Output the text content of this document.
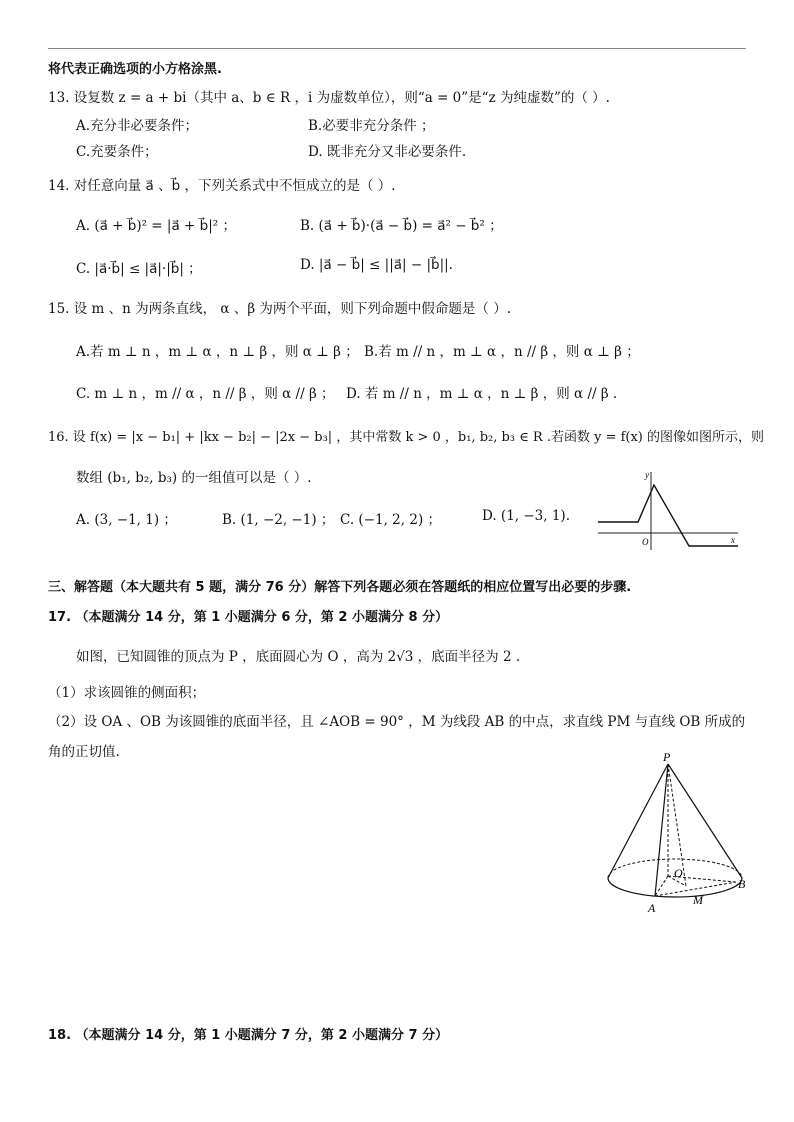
将代表正确选项的小方格涂黑.
13. 设复数 z = a + bi（其中 a、b ∈ R ，i 为虚数单位），则“a = 0”是“z 为纯虚数”的（ ）.
A.充分非必要条件；	B.必要非充分条件 ；
C.充要条件；	D. 既非充分又非必要条件.
14. 对任意向量 a⃗ 、b⃗ ，下列关系式中不恒成立的是（ ）.
A. (a⃗ + b⃗)² = |a⃗ + b⃗|² ；	B. (a⃗ + b⃗)·(a⃗ − b⃗) = a⃗² − b⃗² ；
C. |a⃗·b⃗| ≤ |a⃗|·|b⃗| ；	D. |a⃗ − b⃗| ≤ ||a⃗| − |b⃗||.
15. 设 m 、n 为两条直线， α 、β 为两个平面，则下列命题中假命题是（ ）.
A.若 m ⊥ n ，m ⊥ α ，n ⊥ β ，则 α ⊥ β ； B.若 m // n ，m ⊥ α ，n // β ，则 α ⊥ β ；
C. m ⊥ n ，m // α ，n // β ，则 α // β ； D. 若 m // n ，m ⊥ α ，n ⊥ β ，则 α // β .
16. 设 f(x) = |x − b₁| + |kx − b₂| − |2x − b₃| ，其中常数 k > 0 ，b₁, b₂, b₃ ∈ R .若函数 y = f(x) 的图像如图所示，则
数组 (b₁, b₂, b₃) 的一组值可以是（ ）.
A. (3, −1, 1) ；	B. (1, −2, −1) ； C. (−1, 2, 2) ；	D. (1, −3, 1).
y
x
O
三、解答题（本大题共有 5 题，满分 76 分）解答下列各题必须在答题纸的相应位置写出必要的步骤.
17. （本题满分 14 分，第 1 小题满分 6 分，第 2 小题满分 8 分）
如图，已知圆锥的顶点为 P ，底面圆心为 O ，高为 2√3 ，底面半径为 2 .
（1）求该圆锥的侧面积；
（2）设 OA 、OB 为该圆锥的底面半径，且 ∠AOB = 90° ，M 为线段 AB 的中点，求直线 PM 与直线 OB 所成的
角的正切值.	P
O
B
A
M
18. （本题满分 14 分，第 1 小题满分 7 分，第 2 小题满分 7 分）
